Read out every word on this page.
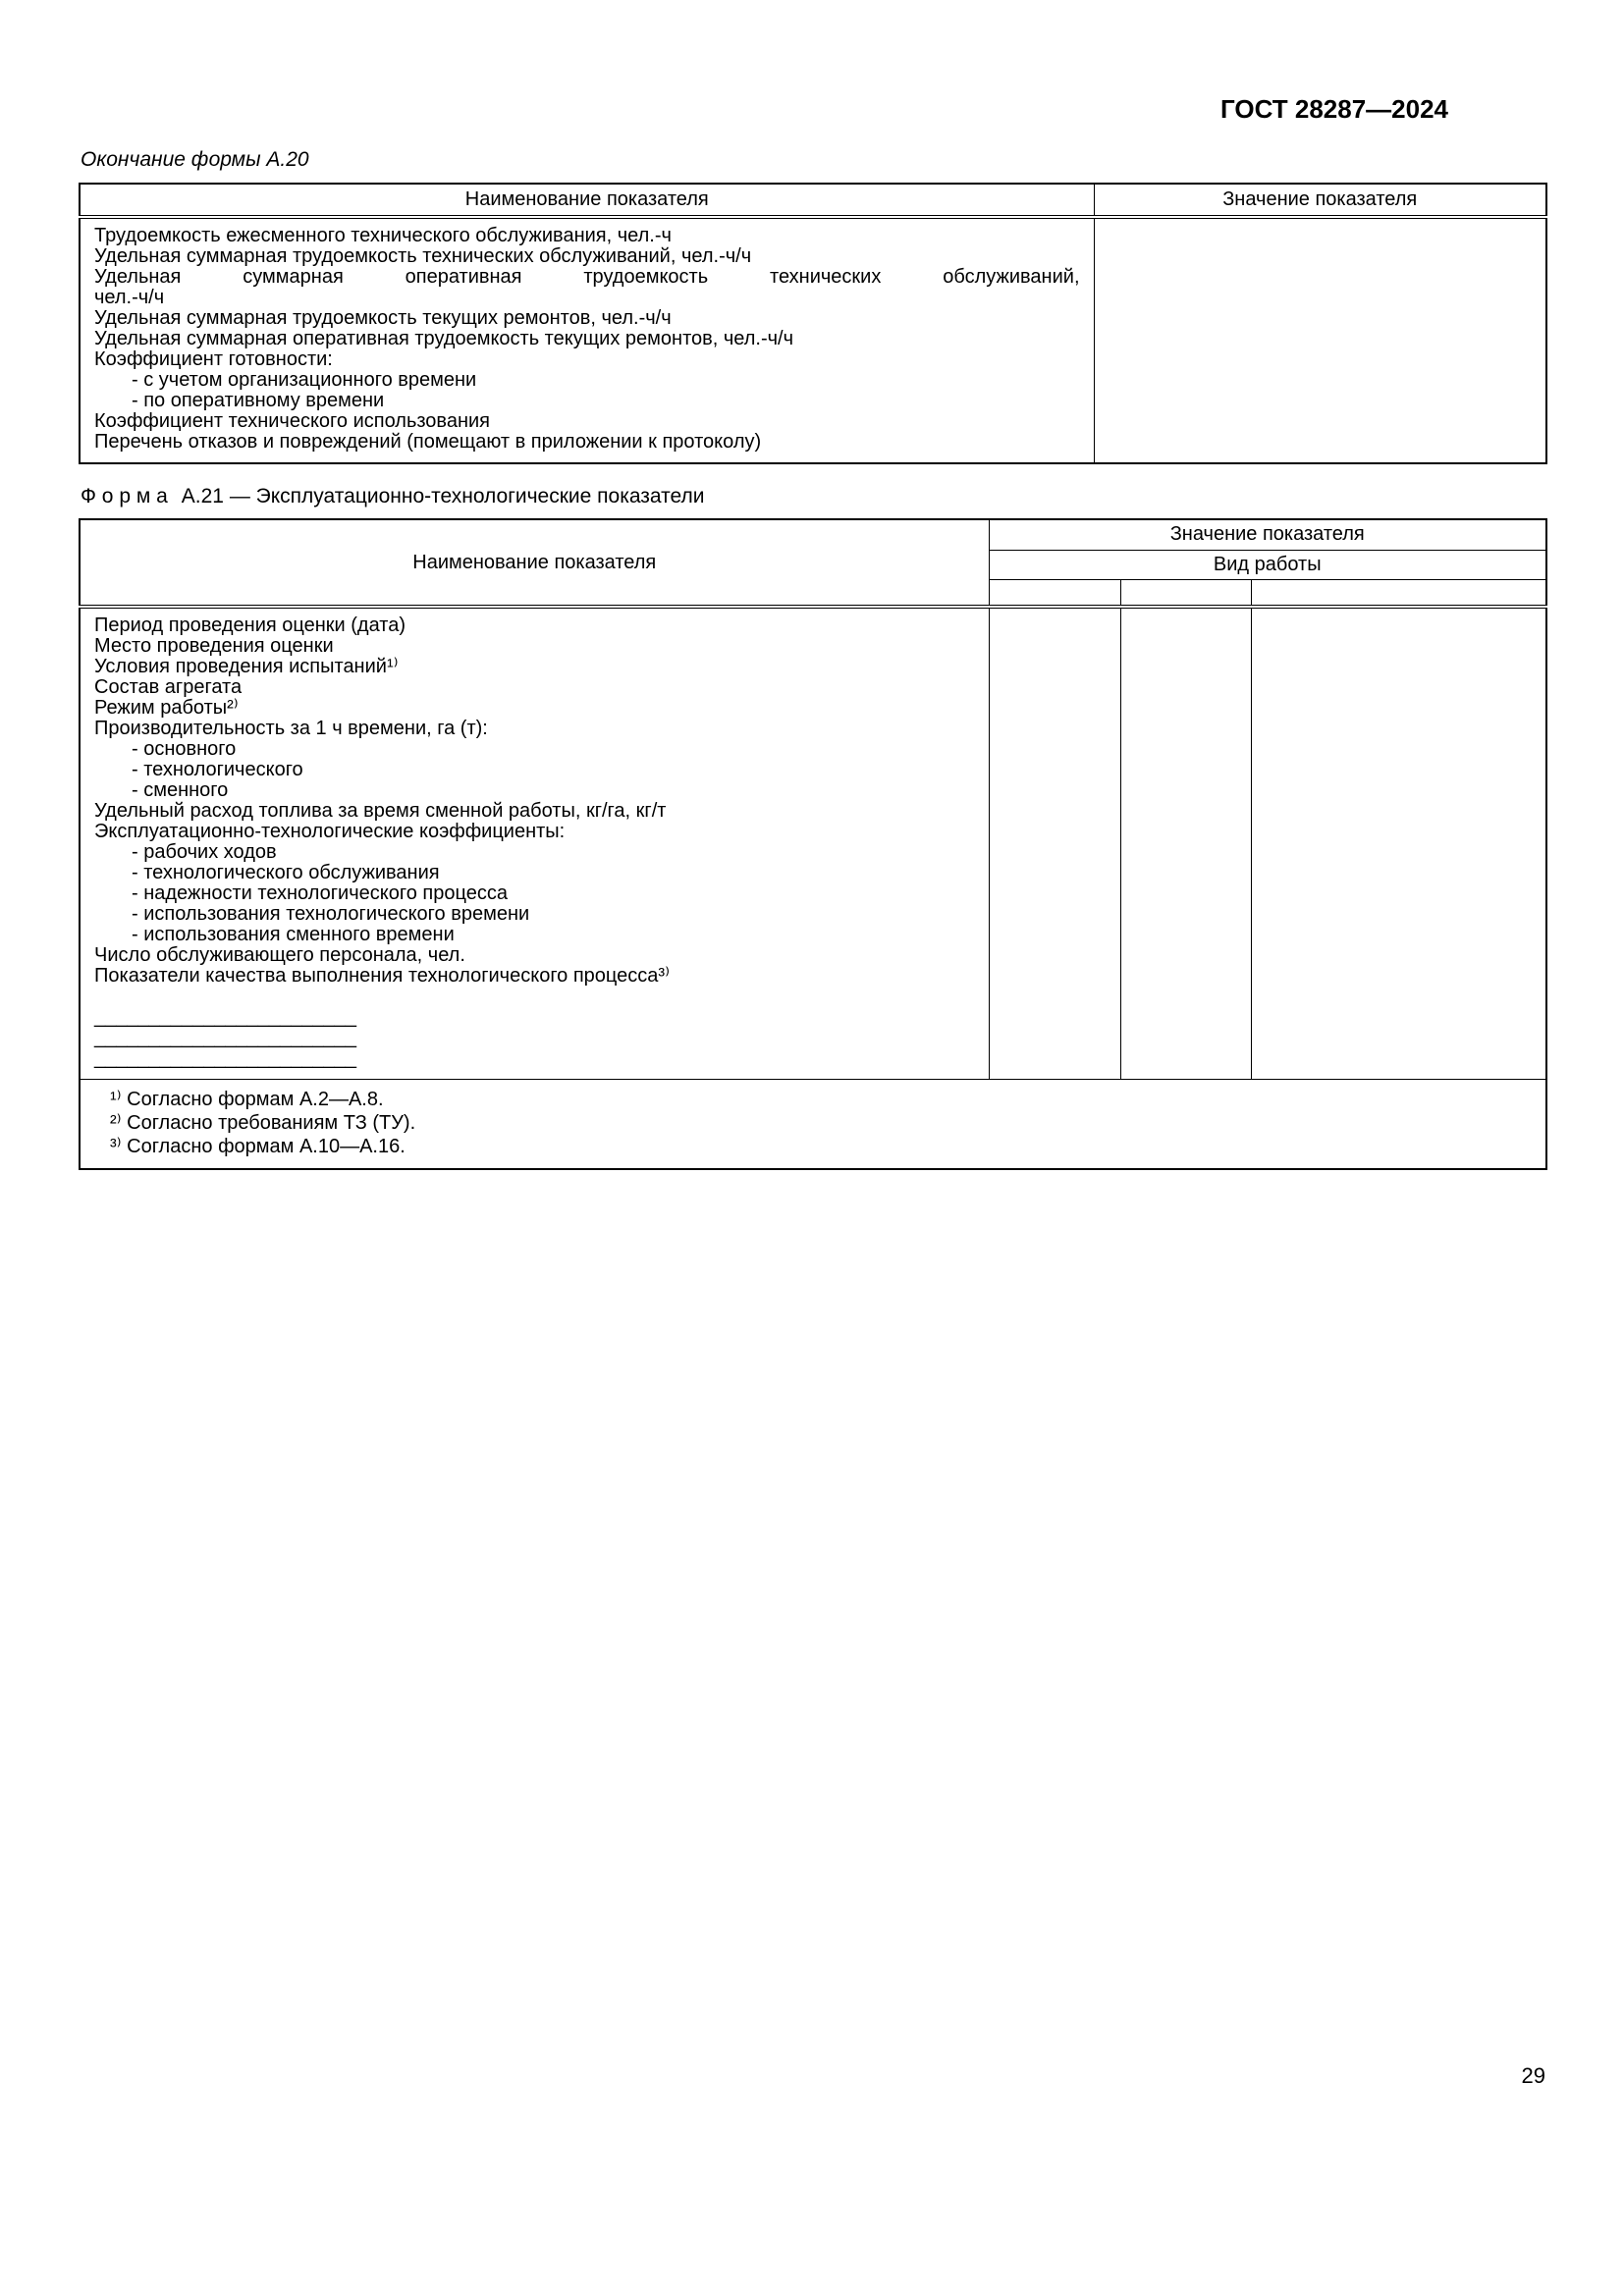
ГОСТ 28287—2024
Окончание формы А.20
Наименование показателя	Значение показателя

Трудоемкость ежесменного технического обслуживания, чел.-ч
Удельная суммарная трудоемкость технических обслуживаний, чел.-ч/ч
Удельная суммарная оперативная трудоемкость технических обслуживаний,
чел.-ч/ч
Удельная суммарная трудоемкость текущих ремонтов, чел.-ч/ч
Удельная суммарная оперативная трудоемкость текущих ремонтов, чел.-ч/ч
Коэффициент готовности:
- с учетом организационного времени
- по оперативному времени
Коэффициент технического использования
Перечень отказов и повреждений (помещают в приложении к протоколу)

Ф о р м а А.21 — Эксплуатационно-технологические показатели
Наименование показателя	Значение показателя		
	Вид работы		

Период проведения оценки (дата)
Место проведения оценки
Условия проведения испытаний¹⁾
Состав агрегата
Режим работы²⁾
Производительность за 1 ч времени, га (т):
- основного
- технологического
- сменного
Удельный расход топлива за время сменной работы, кг/га, кг/т
Эксплуатационно-технологические коэффициенты:
- рабочих ходов
- технологического обслуживания
- надежности технологического процесса
- использования технологического времени
- использования сменного времени
Число обслуживающего персонала, чел.
Показатели качества выполнения технологического процесса³⁾
________________________
________________________
________________________

¹⁾ Согласно формам А.2—А.8.
²⁾ Согласно требованиям ТЗ (ТУ).
³⁾ Согласно формам А.10—А.16.			
29
